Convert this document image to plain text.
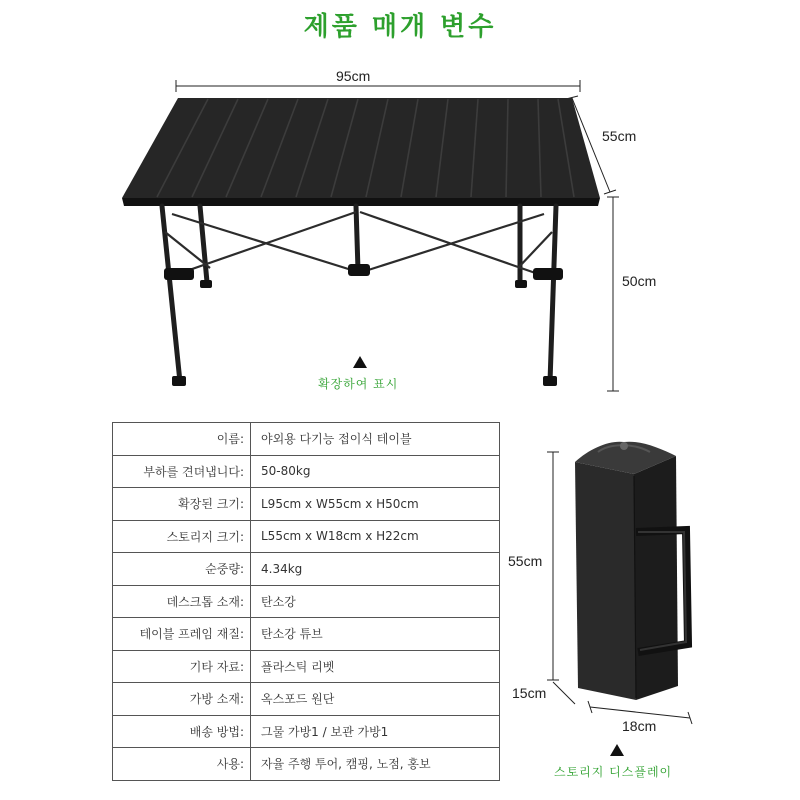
제품 매개 변수
95cm
55cm
50cm
확장하여 표시
이름:	야외용 다기능 접이식 테이블
부하를 견뎌냅니다:	50-80kg
확장된 크기:	L95cm x W55cm x H50cm
스토리지 크기:	L55cm x W18cm x H22cm
순중량:	4.34kg
데스크톱 소재:	탄소강
테이블 프레임 재질:	탄소강 튜브
기타 자료:	플라스틱 리벳
가방 소재:	옥스포드 원단
배송 방법:	그물 가방1 / 보관 가방1
사용:	자율 주행 투어, 캠핑, 노점, 홍보
55cm
15cm
18cm
스토리지 디스플레이
